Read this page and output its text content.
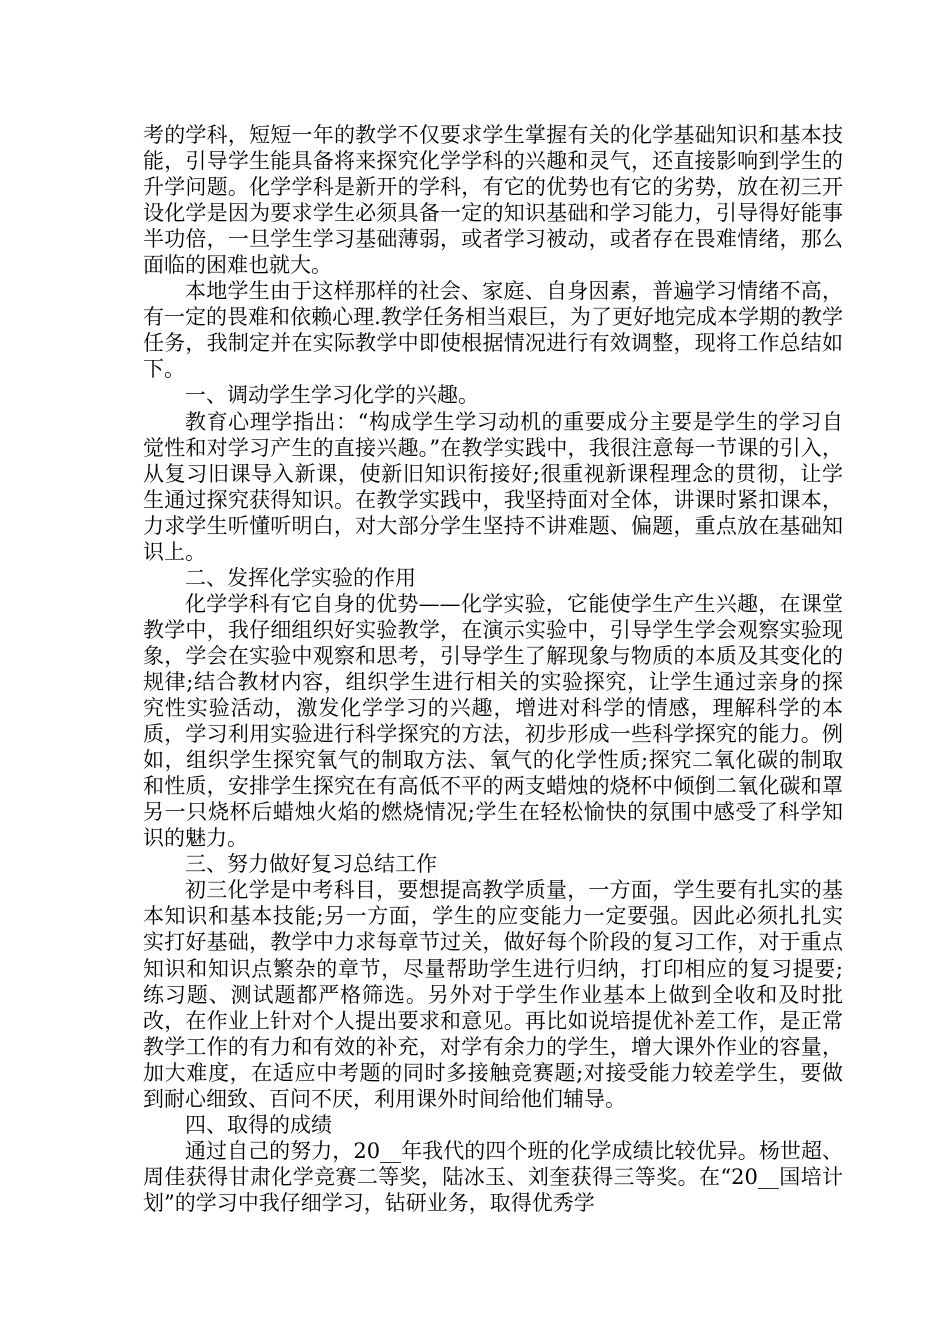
考的学科，短短一年的教学不仅要求学生掌握有关的化学基础知识和基本技能，引导学生能具备将来探究化学学科的兴趣和灵气，还直接影响到学生的升学问题。化学学科是新开的学科，有它的优势也有它的劣势，放在初三开设化学是因为要求学生必须具备一定的知识基础和学习能力，引导得好能事半功倍，一旦学生学习基础薄弱，或者学习被动，或者存在畏难情绪，那么面临的困难也就大。

本地学生由于这样那样的社会、家庭、自身因素，普遍学习情绪不高，有一定的畏难和依赖心理.教学任务相当艰巨，为了更好地完成本学期的教学任务，我制定并在实际教学中即使根据情况进行有效调整，现将工作总结如下。

一、调动学生学习化学的兴趣。

教育心理学指出：“构成学生学习动机的重要成分主要是学生的学习自觉性和对学习产生的直接兴趣。”在教学实践中，我很注意每一节课的引入，从复习旧课导入新课，使新旧知识衔接好;很重视新课程理念的贯彻，让学生通过探究获得知识。在教学实践中，我坚持面对全体，讲课时紧扣课本，力求学生听懂听明白，对大部分学生坚持不讲难题、偏题，重点放在基础知识上。

二、发挥化学实验的作用

化学学科有它自身的优势——化学实验，它能使学生产生兴趣，在课堂教学中，我仔细组织好实验教学，在演示实验中，引导学生学会观察实验现象，学会在实验中观察和思考，引导学生了解现象与物质的本质及其变化的规律;结合教材内容，组织学生进行相关的实验探究，让学生通过亲身的探究性实验活动，激发化学学习的兴趣，增进对科学的情感，理解科学的本质，学习利用实验进行科学探究的方法，初步形成一些科学探究的能力。例如，组织学生探究氧气的制取方法、氧气的化学性质;探究二氧化碳的制取和性质，安排学生探究在有高低不平的两支蜡烛的烧杯中倾倒二氧化碳和罩另一只烧杯后蜡烛火焰的燃烧情况;学生在轻松愉快的氛围中感受了科学知识的魅力。

三、努力做好复习总结工作

初三化学是中考科目，要想提高教学质量，一方面，学生要有扎实的基本知识和基本技能;另一方面，学生的应变能力一定要强。因此必须扎扎实实打好基础，教学中力求每章节过关，做好每个阶段的复习工作，对于重点知识和知识点繁杂的章节，尽量帮助学生进行归纳，打印相应的复习提要;练习题、测试题都严格筛选。另外对于学生作业基本上做到全收和及时批改，在作业上针对个人提出要求和意见。再比如说培提优补差工作，是正常教学工作的有力和有效的补充，对学有余力的学生，增大课外作业的容量，加大难度，在适应中考题的同时多接触竞赛题;对接受能力较差学生，要做到耐心细致、百问不厌，利用课外时间给他们辅导。

四、取得的成绩

通过自己的努力，20__年我代的四个班的化学成绩比较优异。杨世超、周佳获得甘肃化学竞赛二等奖，陆冰玉、刘奎获得三等奖。在“20__国培计划”的学习中我仔细学习，钻研业务，取得优秀学
